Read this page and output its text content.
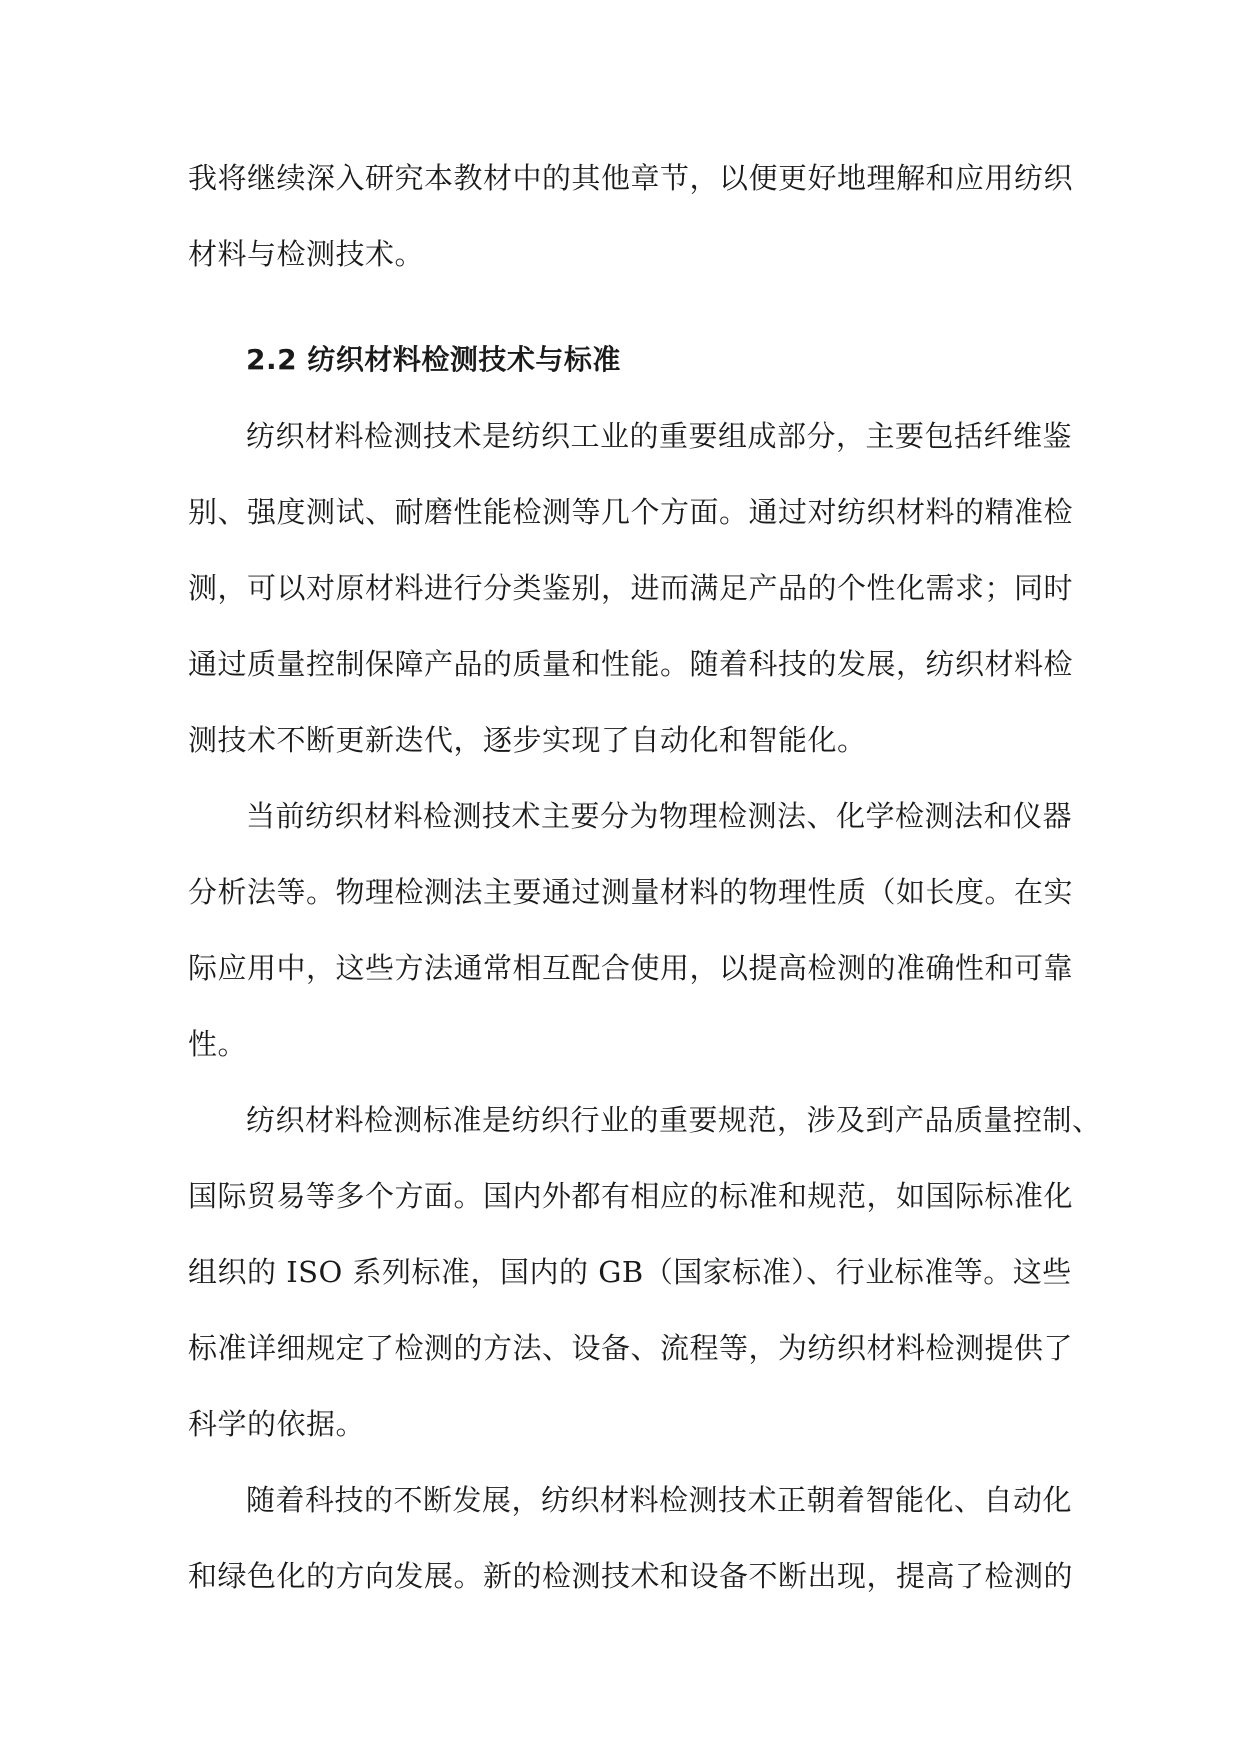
我将继续深入研究本教材中的其他章节，以便更好地理解和应用纺织
材料与检测技术。
2.2 纺织材料检测技术与标准
纺织材料检测技术是纺织工业的重要组成部分，主要包括纤维鉴
别、强度测试、耐磨性能检测等几个方面。通过对纺织材料的精准检
测，可以对原材料进行分类鉴别，进而满足产品的个性化需求；同时
通过质量控制保障产品的质量和性能。随着科技的发展，纺织材料检
测技术不断更新迭代，逐步实现了自动化和智能化。
当前纺织材料检测技术主要分为物理检测法、化学检测法和仪器
分析法等。物理检测法主要通过测量材料的物理性质（如长度。在实
际应用中，这些方法通常相互配合使用，以提高检测的准确性和可靠
性。
纺织材料检测标准是纺织行业的重要规范，涉及到产品质量控制、
国际贸易等多个方面。国内外都有相应的标准和规范，如国际标准化
组织的 ISO 系列标准，国内的 GB（国家标准）、行业标准等。这些
标准详细规定了检测的方法、设备、流程等，为纺织材料检测提供了
科学的依据。
随着科技的不断发展，纺织材料检测技术正朝着智能化、自动化
和绿色化的方向发展。新的检测技术和设备不断出现，提高了检测的
